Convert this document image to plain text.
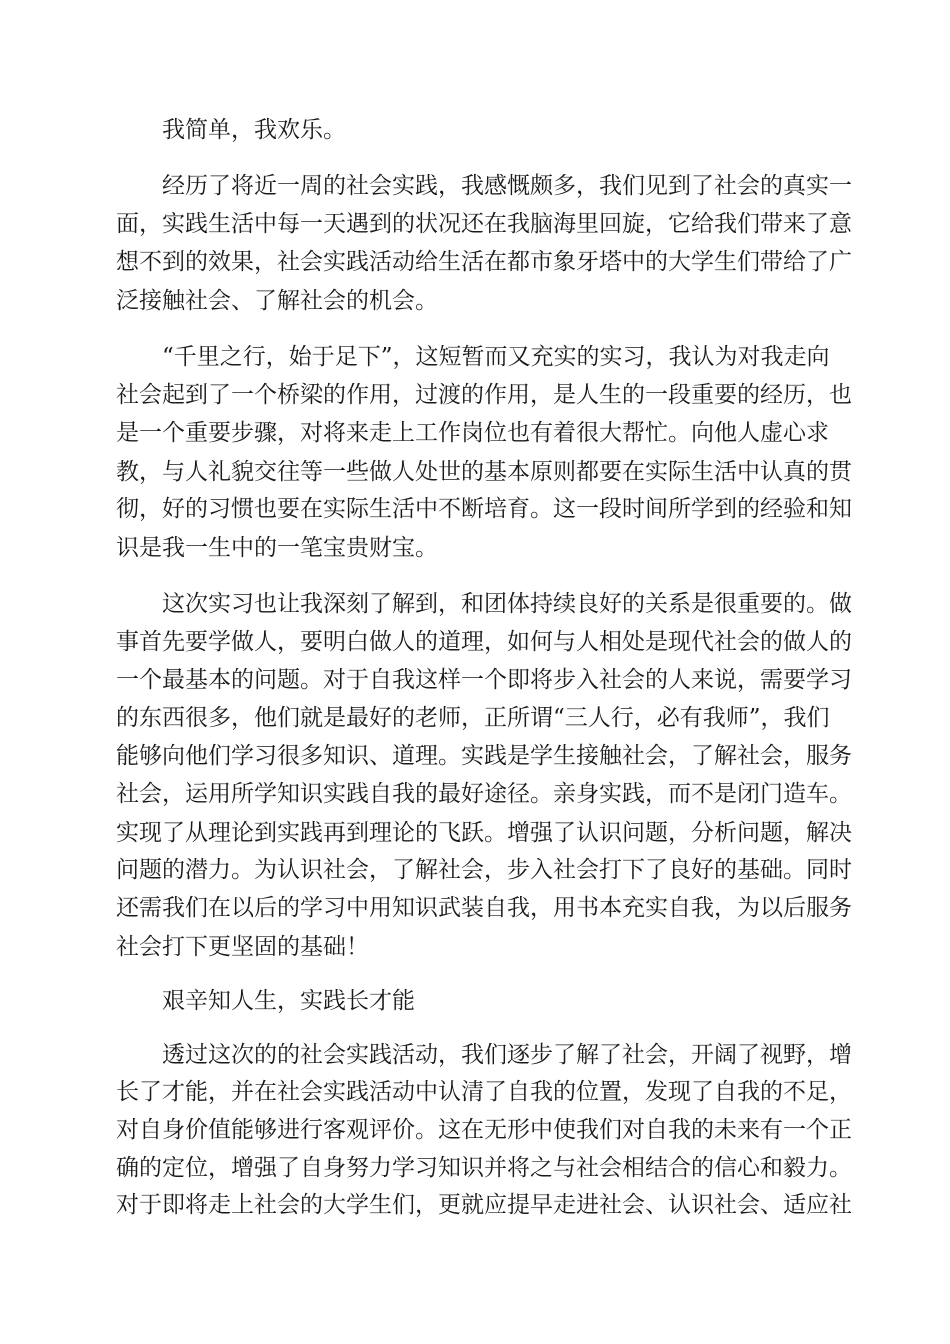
我简单，我欢乐。

经历了将近一周的社会实践，我感慨颇多，我们见到了社会的真实一

面，实践生活中每一天遇到的状况还在我脑海里回旋，它给我们带来了意

想不到的效果，社会实践活动给生活在都市象牙塔中的大学生们带给了广

泛接触社会、了解社会的机会。

“千里之行，始于足下”，这短暂而又充实的实习，我认为对我走向

社会起到了一个桥梁的作用，过渡的作用，是人生的一段重要的经历，也

是一个重要步骤，对将来走上工作岗位也有着很大帮忙。向他人虚心求

教，与人礼貌交往等一些做人处世的基本原则都要在实际生活中认真的贯

彻，好的习惯也要在实际生活中不断培育。这一段时间所学到的经验和知

识是我一生中的一笔宝贵财宝。

这次实习也让我深刻了解到，和团体持续良好的关系是很重要的。做

事首先要学做人，要明白做人的道理，如何与人相处是现代社会的做人的

一个最基本的问题。对于自我这样一个即将步入社会的人来说，需要学习

的东西很多，他们就是最好的老师，正所谓“三人行，必有我师”，我们

能够向他们学习很多知识、道理。实践是学生接触社会，了解社会，服务

社会，运用所学知识实践自我的最好途径。亲身实践，而不是闭门造车。

实现了从理论到实践再到理论的飞跃。增强了认识问题，分析问题，解决

问题的潜力。为认识社会，了解社会，步入社会打下了良好的基础。同时

还需我们在以后的学习中用知识武装自我，用书本充实自我，为以后服务

社会打下更坚固的基础！

艰辛知人生，实践长才能

透过这次的的社会实践活动，我们逐步了解了社会，开阔了视野，增

长了才能，并在社会实践活动中认清了自我的位置，发现了自我的不足，

对自身价值能够进行客观评价。这在无形中使我们对自我的未来有一个正

确的定位，增强了自身努力学习知识并将之与社会相结合的信心和毅力。

对于即将走上社会的大学生们，更就应提早走进社会、认识社会、适应社
